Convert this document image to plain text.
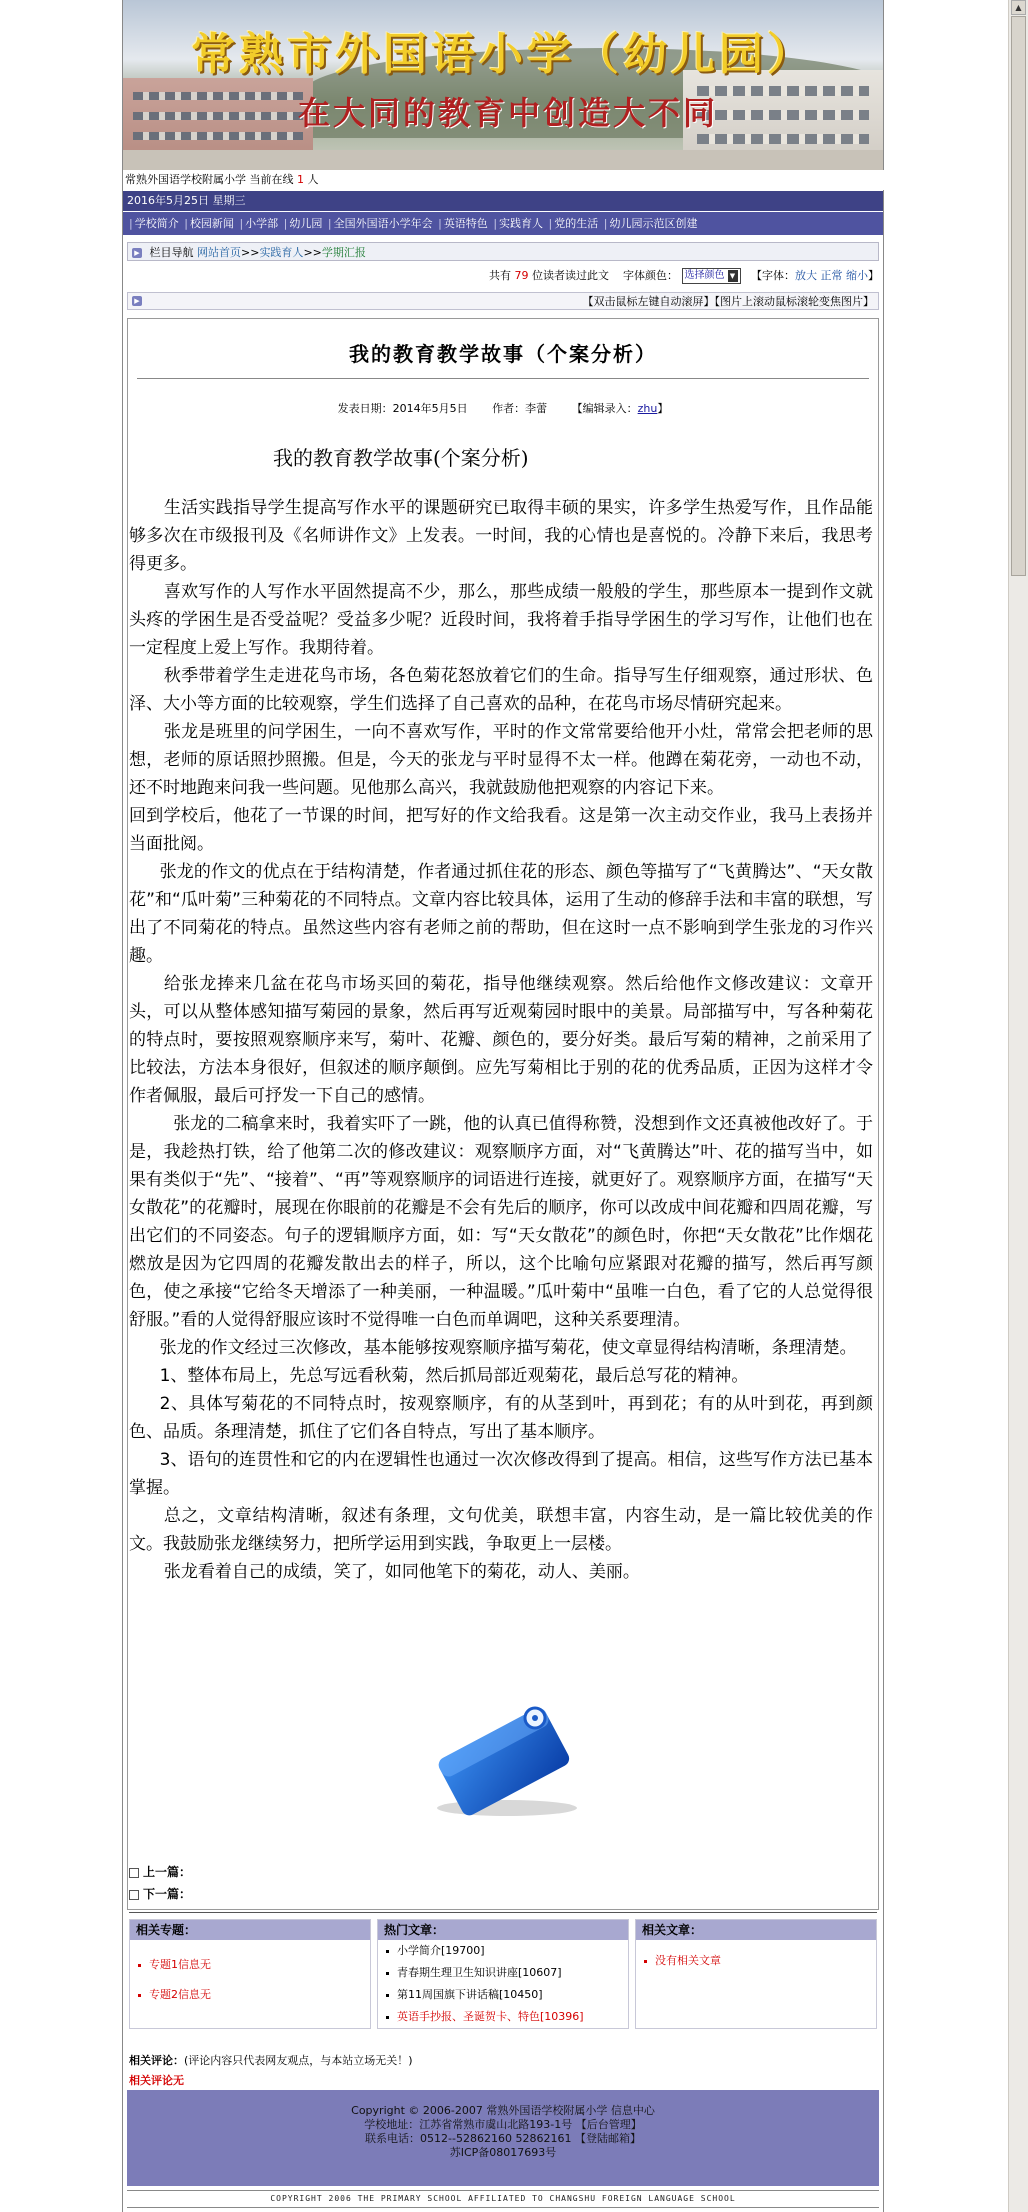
常熟市外国语小学（幼儿园）
在大同的教育中创造大不同
常熟外国语学校附属小学 当前在线 1 人
2016年5月25日 星期三
| 学校简介 | 校园新闻 | 小学部 | 幼儿园 | 全国外国语小学年会 | 英语特色 | 实践育人 | 党的生活 | 幼儿园示范区创建
▶ 栏目导航 网站首页>>实践育人>>学期汇报
共有 79 位读者读过此文 字体颜色： 选择颜色 ▼ 【字体：放大 正常 缩小】
▶	【双击鼠标左键自动滚屏】【图片上滚动鼠标滚轮变焦图片】
我的教育教学故事（个案分析）
发表日期：2014年5月5日 作者：李蕾 【编辑录入：zhu】
我的教育教学故事(个案分析)

生活实践指导学生提高写作水平的课题研究已取得丰硕的果实，许多学生热爱写作，且作品能够多次在市级报刊及《名师讲作文》上发表。一时间，我的心情也是喜悦的。冷静下来后，我思考得更多。

喜欢写作的人写作水平固然提高不少，那么，那些成绩一般般的学生，那些原本一提到作文就头疼的学困生是否受益呢？受益多少呢？近段时间，我将着手指导学困生的学习写作，让他们也在一定程度上爱上写作。我期待着。

秋季带着学生走进花鸟市场，各色菊花怒放着它们的生命。指导写生仔细观察，通过形状、色泽、大小等方面的比较观察，学生们选择了自己喜欢的品种，在花鸟市场尽情研究起来。

张龙是班里的问学困生，一向不喜欢写作，平时的作文常常要给他开小灶，常常会把老师的思想，老师的原话照抄照搬。但是，今天的张龙与平时显得不太一样。他蹲在菊花旁，一动也不动，还不时地跑来问我一些问题。见他那么高兴，我就鼓励他把观察的内容记下来。

回到学校后，他花了一节课的时间，把写好的作文给我看。这是第一次主动交作业，我马上表扬并当面批阅。

张龙的作文的优点在于结构清楚，作者通过抓住花的形态、颜色等描写了“飞黄腾达”、“天女散花”和“瓜叶菊”三种菊花的不同特点。文章内容比较具体，运用了生动的修辞手法和丰富的联想，写出了不同菊花的特点。虽然这些内容有老师之前的帮助，但在这时一点不影响到学生张龙的习作兴趣。

给张龙捧来几盆在花鸟市场买回的菊花，指导他继续观察。然后给他作文修改建议：文章开头，可以从整体感知描写菊园的景象，然后再写近观菊园时眼中的美景。局部描写中，写各种菊花的特点时，要按照观察顺序来写，菊叶、花瓣、颜色的，要分好类。最后写菊的精神，之前采用了比较法，方法本身很好，但叙述的顺序颠倒。应先写菊相比于别的花的优秀品质，正因为这样才令作者佩服，最后可抒发一下自己的感情。

张龙的二稿拿来时，我着实吓了一跳，他的认真已值得称赞，没想到作文还真被他改好了。于是，我趁热打铁，给了他第二次的修改建议：观察顺序方面，对“飞黄腾达”叶、花的描写当中，如果有类似于“先”、“接着”、“再”等观察顺序的词语进行连接，就更好了。观察顺序方面，在描写“天女散花”的花瓣时，展现在你眼前的花瓣是不会有先后的顺序，你可以改成中间花瓣和四周花瓣，写出它们的不同姿态。句子的逻辑顺序方面，如：写“天女散花”的颜色时，你把“天女散花”比作烟花燃放是因为它四周的花瓣发散出去的样子，所以，这个比喻句应紧跟对花瓣的描写，然后再写颜色，使之承接“它给冬天增添了一种美丽，一种温暖。”瓜叶菊中“虽唯一白色，看了它的人总觉得很舒服。”看的人觉得舒服应该时不觉得唯一白色而单调吧，这种关系要理清。

张龙的作文经过三次修改，基本能够按观察顺序描写菊花，使文章显得结构清晰，条理清楚。

1、整体布局上，先总写远看秋菊，然后抓局部近观菊花，最后总写花的精神。

2、具体写菊花的不同特点时，按观察顺序，有的从茎到叶，再到花；有的从叶到花，再到颜色、品质。条理清楚，抓住了它们各自特点，写出了基本顺序。

3、语句的连贯性和它的内在逻辑性也通过一次次修改得到了提高。相信，这些写作方法已基本掌握。

总之，文章结构清晰，叙述有条理，文句优美，联想丰富，内容生动，是一篇比较优美的作文。我鼓励张龙继续努力，把所学运用到实践，争取更上一层楼。

张龙看着自己的成绩，笑了，如同他笔下的菊花，动人、美丽。

上一篇：
下一篇：
相关专题：
专题1信息无
专题2信息无
热门文章：
小学简介[19700]
青春期生理卫生知识讲座[10607]
第11周国旗下讲话稿[10450]
英语手抄报、圣诞贺卡、特色[10396]
相关文章：
没有相关文章
相关评论：(评论内容只代表网友观点，与本站立场无关！)
相关评论无
Copyright © 2006-2007 常熟外国语学校附属小学 信息中心
学校地址：江苏省常熟市虞山北路193-1号 【后台管理】
联系电话：0512--52862160 52862161 【登陆邮箱】
苏ICP备08017693号
COPYRIGHT 2006 THE PRIMARY SCHOOL AFFILIATED TO CHANGSHU FOREIGN LANGUAGE SCHOOL
▲
